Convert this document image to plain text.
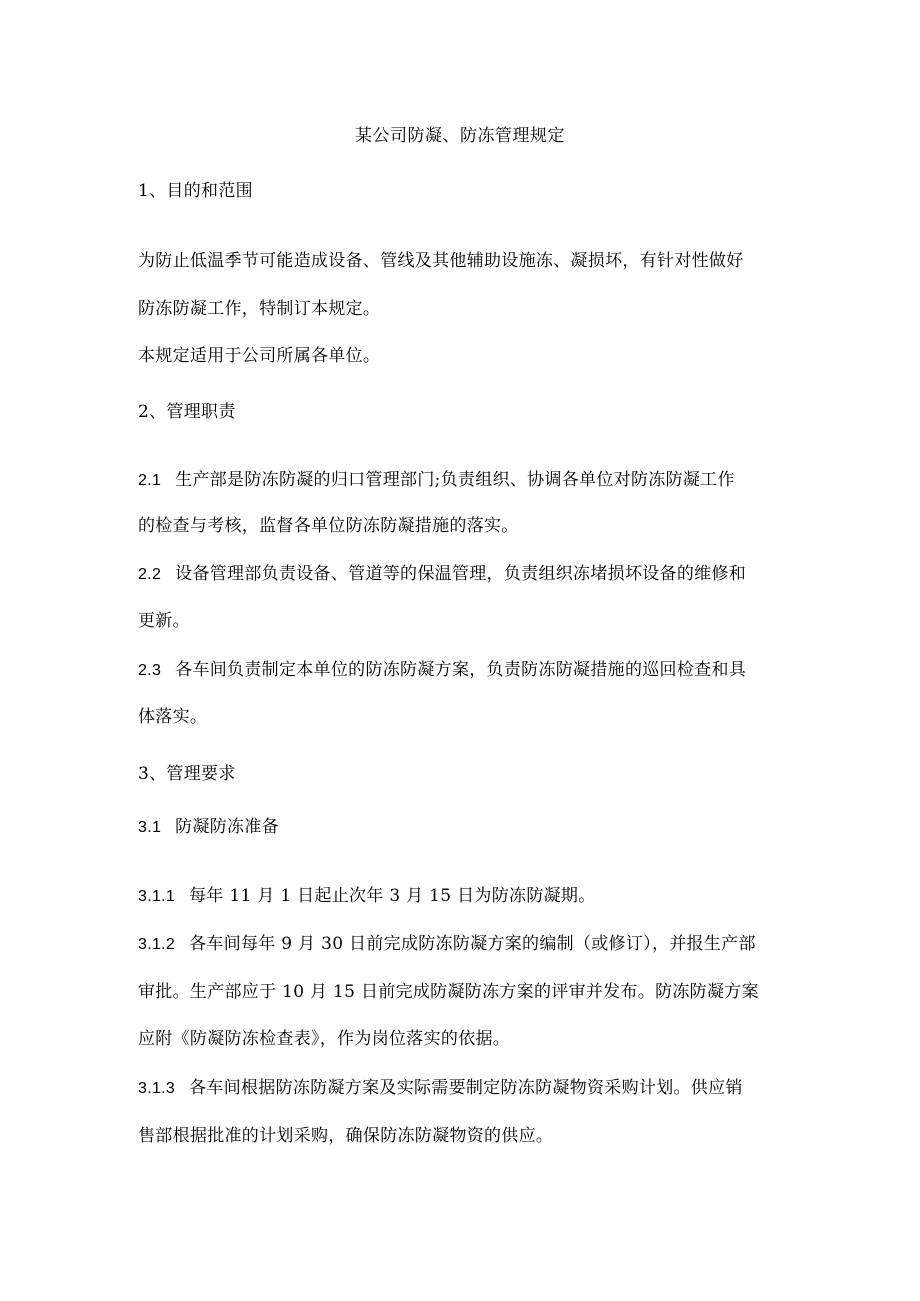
某公司防凝、防冻管理规定
1、目的和范围
为防止低温季节可能造成设备、管线及其他辅助设施冻、凝损坏，有针对性做好
防冻防凝工作，特制订本规定。
本规定适用于公司所属各单位。
2、管理职责
2.1 生产部是防冻防凝的归口管理部门;负责组织、协调各单位对防冻防凝工作
的检查与考核，监督各单位防冻防凝措施的落实。
2.2 设备管理部负责设备、管道等的保温管理，负责组织冻堵损坏设备的维修和
更新。
2.3 各车间负责制定本单位的防冻防凝方案，负责防冻防凝措施的巡回检查和具
体落实。
3、管理要求
3.1 防凝防冻准备
3.1.1 每年 11 月 1 日起止次年 3 月 15 日为防冻防凝期。
3.1.2 各车间每年 9 月 30 日前完成防冻防凝方案的编制（或修订），并报生产部
审批。生产部应于 10 月 15 日前完成防凝防冻方案的评审并发布。防冻防凝方案
应附《防凝防冻检查表》，作为岗位落实的依据。
3.1.3 各车间根据防冻防凝方案及实际需要制定防冻防凝物资采购计划。供应销
售部根据批准的计划采购，确保防冻防凝物资的供应。
